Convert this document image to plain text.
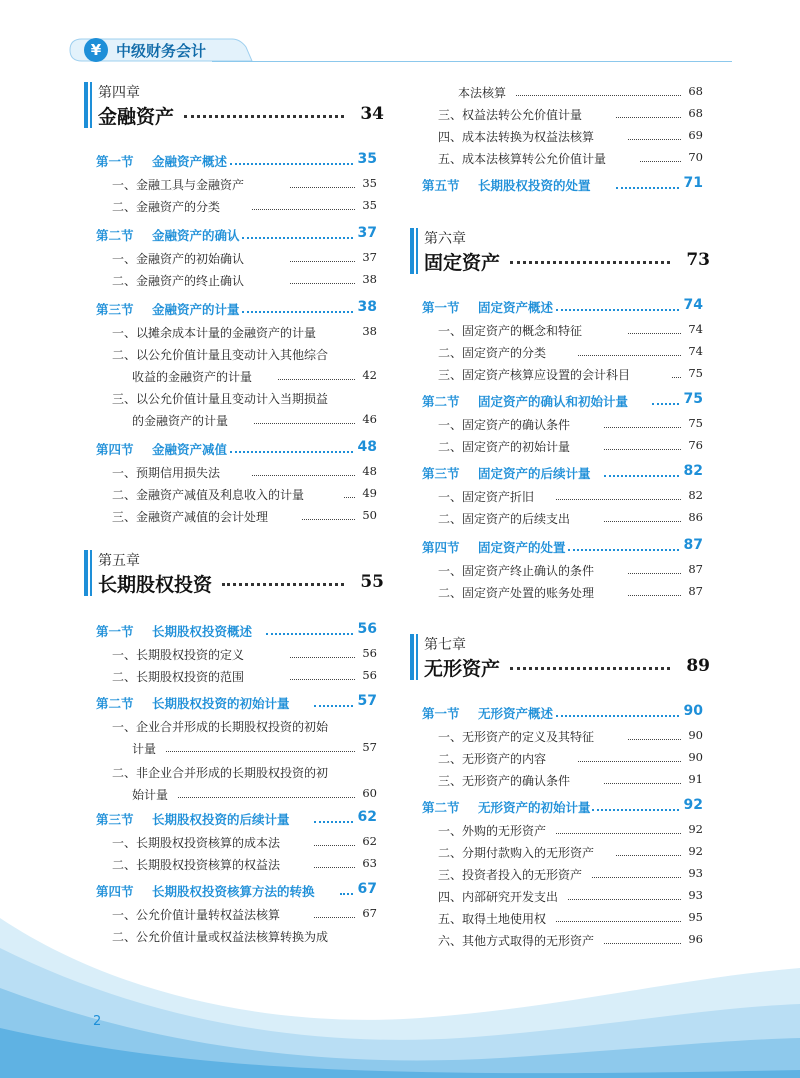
¥ 中级财务会计
第四章
金融资产	34
第一节 金融资产概述	35
一、金融工具与金融资产	35
二、金融资产的分类	35
第二节 金融资产的确认	37
一、金融资产的初始确认	37
二、金融资产的终止确认	38
第三节 金融资产的计量	38
一、以摊余成本计量的金融资产的计量	38
二、以公允价值计量且变动计入其他综合
收益的金融资产的计量	42
三、以公允价值计量且变动计入当期损益
的金融资产的计量	46
第四节 金融资产减值	48
一、预期信用损失法	48
二、金融资产减值及利息收入的计量	49
三、金融资产减值的会计处理	50
第五章
长期股权投资	55
第一节 长期股权投资概述	56
一、长期股权投资的定义	56
二、长期股权投资的范围	56
第二节 长期股权投资的初始计量	57
一、企业合并形成的长期股权投资的初始
计量	57
二、非企业合并形成的长期股权投资的初
始计量	60
第三节 长期股权投资的后续计量	62
一、长期股权投资核算的成本法	62
二、长期股权投资核算的权益法	63
第四节 长期股权投资核算方法的转换	67
一、公允价值计量转权益法核算	67
二、公允价值计量或权益法核算转换为成
本法核算	68
三、权益法转公允价值计量	68
四、成本法转换为权益法核算	69
五、成本法核算转公允价值计量	70
第五节 长期股权投资的处置	71
第六章
固定资产	73
第一节 固定资产概述	74
一、固定资产的概念和特征	74
二、固定资产的分类	74
三、固定资产核算应设置的会计科目	75
第二节 固定资产的确认和初始计量	75
一、固定资产的确认条件	75
二、固定资产的初始计量	76
第三节 固定资产的后续计量	82
一、固定资产折旧	82
二、固定资产的后续支出	86
第四节 固定资产的处置	87
一、固定资产终止确认的条件	87
二、固定资产处置的账务处理	87
第七章
无形资产	89
第一节 无形资产概述	90
一、无形资产的定义及其特征	90
二、无形资产的内容	90
三、无形资产的确认条件	91
第二节 无形资产的初始计量	92
一、外购的无形资产	92
二、分期付款购入的无形资产	92
三、投资者投入的无形资产	93
四、内部研究开发支出	93
五、取得土地使用权	95
六、其他方式取得的无形资产	96
2
